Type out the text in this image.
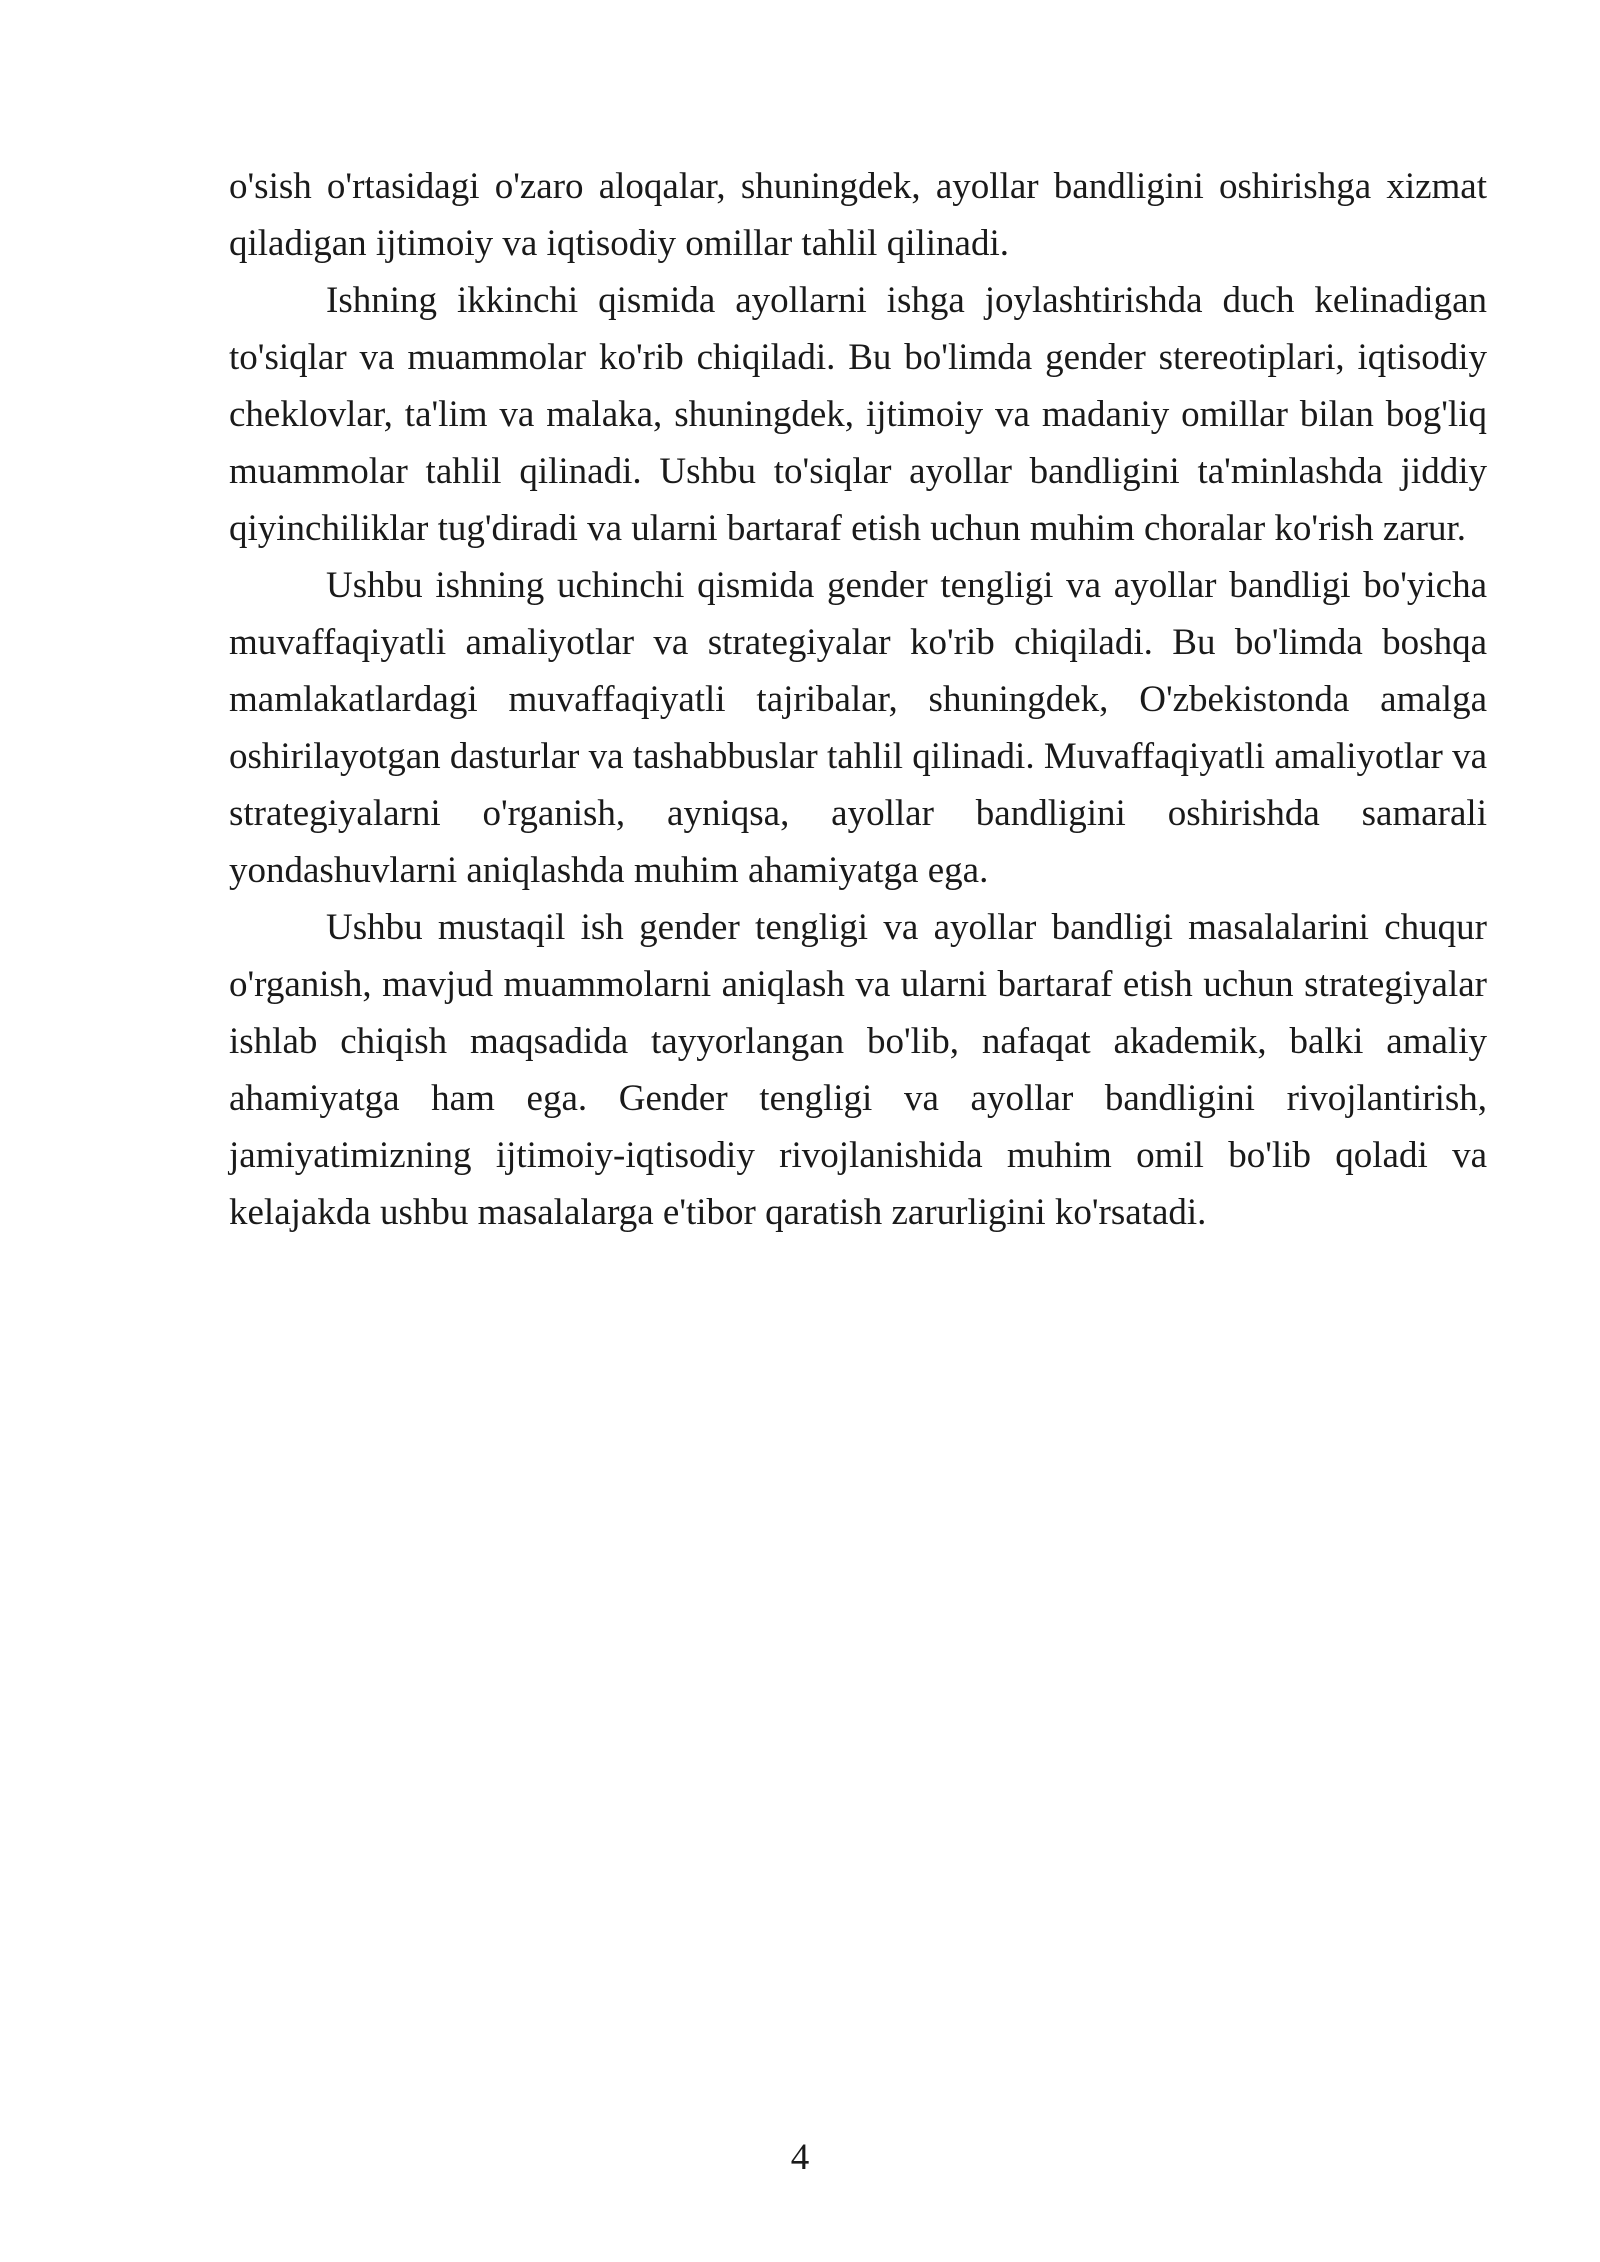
o'sish o'rtasidagi o'zaro aloqalar, shuningdek, ayollar bandligini oshirishga xizmat qiladigan ijtimoiy va iqtisodiy omillar tahlil qilinadi.

Ishning ikkinchi qismida ayollarni ishga joylashtirishda duch kelinadigan to'siqlar va muammolar ko'rib chiqiladi. Bu bo'limda gender stereotiplari, iqtisodiy cheklovlar, ta'lim va malaka, shuningdek, ijtimoiy va madaniy omillar bilan bog'liq muammolar tahlil qilinadi. Ushbu to'siqlar ayollar bandligini ta'minlashda jiddiy qiyinchiliklar tug'diradi va ularni bartaraf etish uchun muhim choralar ko'rish zarur.

Ushbu ishning uchinchi qismida gender tengligi va ayollar bandligi bo'yicha muvaffaqiyatli amaliyotlar va strategiyalar ko'rib chiqiladi. Bu bo'limda boshqa mamlakatlardagi muvaffaqiyatli tajribalar, shuningdek, O'zbekistonda amalga oshirilayotgan dasturlar va tashabbuslar tahlil qilinadi. Muvaffaqiyatli amaliyotlar va strategiyalarni o'rganish, ayniqsa, ayollar bandligini oshirishda samarali yondashuvlarni aniqlashda muhim ahamiyatga ega.

Ushbu mustaqil ish gender tengligi va ayollar bandligi masalalarini chuqur o'rganish, mavjud muammolarni aniqlash va ularni bartaraf etish uchun strategiyalar ishlab chiqish maqsadida tayyorlangan bo'lib, nafaqat akademik, balki amaliy ahamiyatga ham ega. Gender tengligi va ayollar bandligini rivojlantirish, jamiyatimizning ijtimoiy-iqtisodiy rivojlanishida muhim omil bo'lib qoladi va kelajakda ushbu masalalarga e'tibor qaratish zarurligini ko'rsatadi.

4
